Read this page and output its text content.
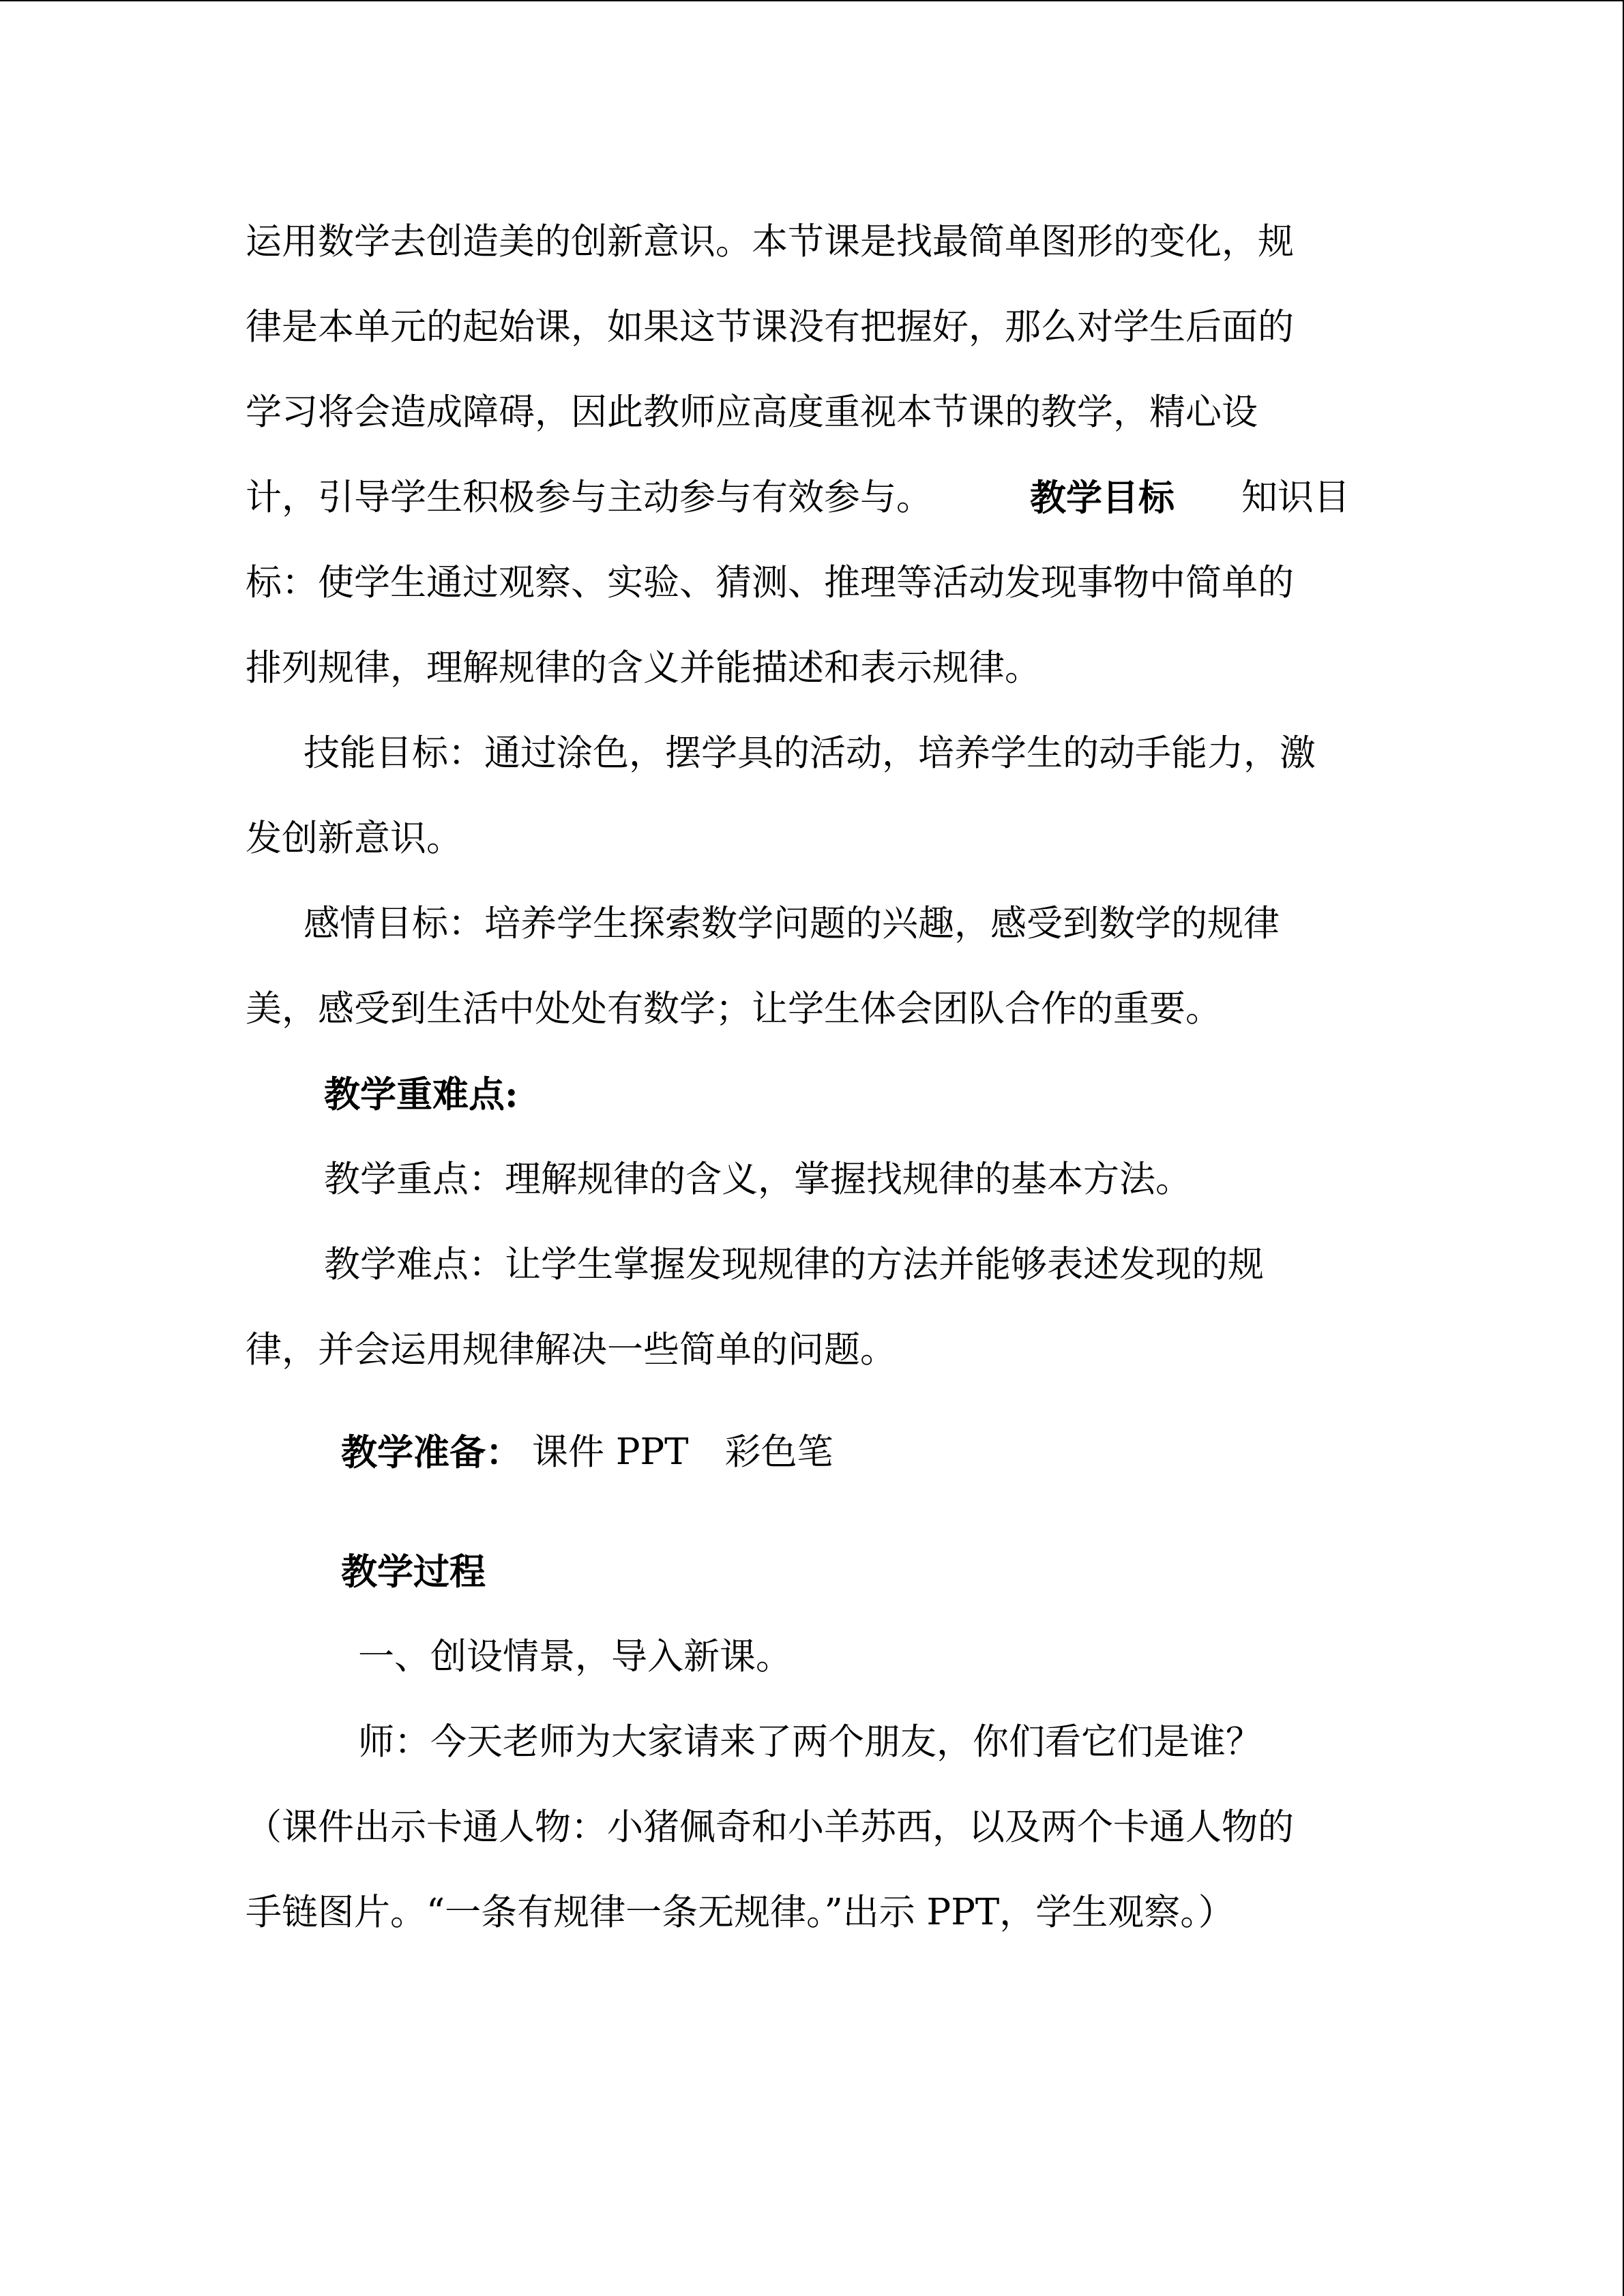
运用数学去创造美的创新意识。本节课是找最简单图形的变化，规
律是本单元的起始课，如果这节课没有把握好，那么对学生后面的
学习将会造成障碍，因此教师应高度重视本节课的教学，精心设
计，引导学生积极参与主动参与有效参与。	教学目标 知识目
标：使学生通过观察、实验、猜测、推理等活动发现事物中简单的
排列规律，理解规律的含义并能描述和表示规律。
技能目标：通过涂色，摆学具的活动，培养学生的动手能力，激
发创新意识。
感情目标：培养学生探索数学问题的兴趣，感受到数学的规律
美，感受到生活中处处有数学；让学生体会团队合作的重要。
教学重难点:
教学重点：理解规律的含义，掌握找规律的基本方法。
教学难点：让学生掌握发现规律的方法并能够表述发现的规
律，并会运用规律解决一些简单的问题。
教学准备： 课件 PPT　彩色笔
教学过程
一、创设情景，导入新课。
师：今天老师为大家请来了两个朋友，你们看它们是谁？
（课件出示卡通人物：小猪佩奇和小羊苏西，以及两个卡通人物的
手链图片。“一条有规律一条无规律。”出示 PPT，学生观察。）
